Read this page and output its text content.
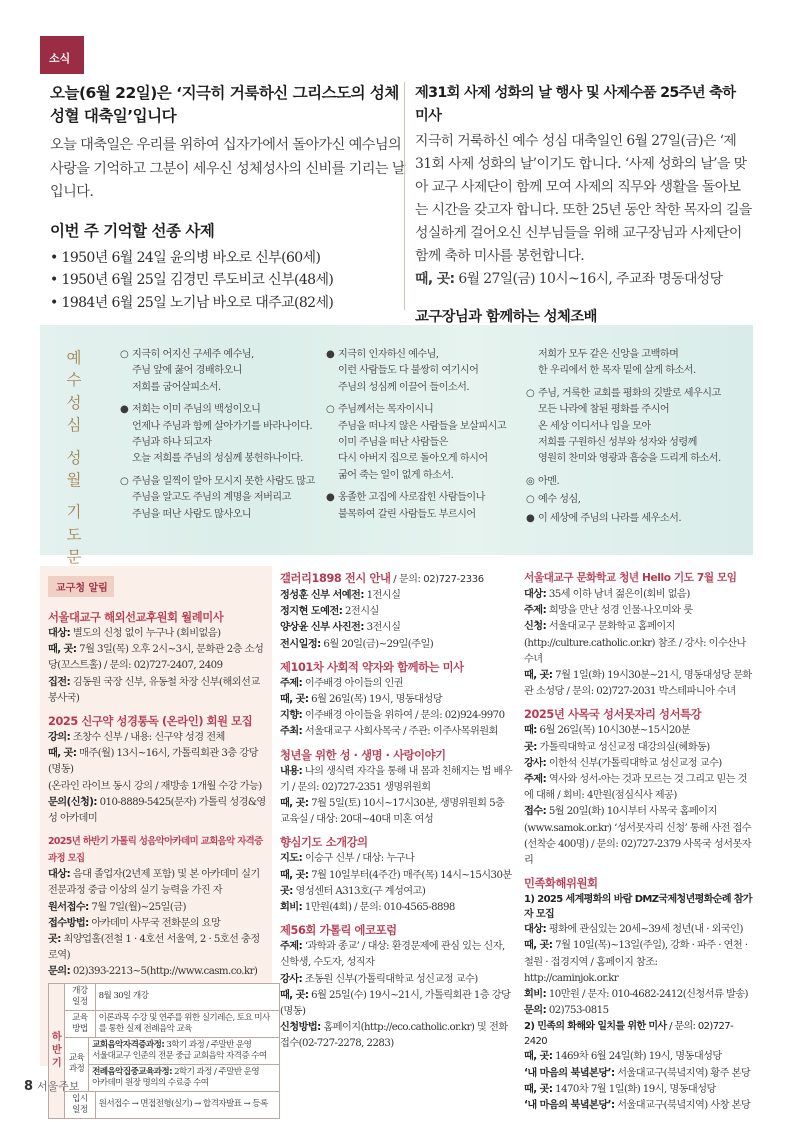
소식
오늘(6월 22일)은 ‘지극히 거룩하신 그리스도의 성체
성혈 대축일’입니다

오늘 대축일은 우리를 위하여 십자가에서 돌아가신 예수님의 사랑을 기억하고 그분이 세우신 성체성사의 신비를 기리는 날입니다.

이번 주 기억할 선종 사제
• 1950년 6월 24일 윤의병 바오로 신부(60세)
• 1950년 6월 25일 김경민 루도비코 신부(48세)
• 1984년 6월 25일 노기남 바오로 대주교(82세)
제31회 사제 성화의 날 행사 및 사제수품 25주년 축하 미사

지극히 거룩하신 예수 성심 대축일인 6월 27일(금)은 ‘제31회 사제 성화의 날’이기도 합니다. ‘사제 성화의 날’을 맞아 교구 사제단이 함께 모여 사제의 직무와 생활을 돌아보는 시간을 갖고자 합니다. 또한 25년 동안 착한 목자의 길을 성실하게 걸어오신 신부님들을 위해 교구장님과 사제단이 함께 축하 미사를 봉헌합니다.

때, 곳: 6월 27일(금) 10시~16시, 주교좌 명동대성당

교구장님과 함께하는 성체조배

예
수
성
심
성
월
기
도
문
○ 지극히 어지신 구세주 예수님,
주님 앞에 꿇어 경배하오니
저희를 굽어살피소서.
● 저희는 이미 주님의 백성이오니
언제나 주님과 함께 살아가기를 바라나이다.
주님과 하나 되고자
오늘 저희를 주님의 성심께 봉헌하나이다.
○ 주님을 일찍이 알아 모시지 못한 사람도 많고
주님을 알고도 주님의 계명을 저버리고
주님을 떠난 사람도 많사오니
● 지극히 인자하신 예수님,
이런 사람들도 다 불쌍히 여기시어
주님의 성심께 이끌어 들이소서.
○ 주님께서는 목자이시니
주님을 떠나지 않은 사람들을 보살피시고
이미 주님을 떠난 사람들은
다시 아버지 집으로 돌아오게 하시어
굶어 죽는 일이 없게 하소서.
● 옹졸한 고집에 사로잡힌 사람들이나
불목하여 갈린 사람들도 부르시어
저희가 모두 같은 신앙을 고백하며
한 우리에서 한 목자 밑에 살게 하소서.
○ 주님, 거룩한 교회를 평화의 깃발로 세우시고
모든 나라에 참된 평화를 주시어
온 세상 이디서나 입을 모아
저희를 구원하신 성부와 성자와 성령께
영원히 찬미와 영광과 흠숭을 드리게 하소서.
◎ 아멘.
○ 예수 성심,
● 이 세상에 주님의 나라를 세우소서.
교구청 알림
서울대교구 해외선교후원회 월례미사
대상: 별도의 신청 없이 누구나 (회비없음)
때, 곳: 7월 3일(목) 오후 2시~3시, 문화관 2층 소성당(꼬스트홀) / 문의: 02)727-2407, 2409
집전: 김동원 국장 신부, 유동철 차장 신부(해외선교봉사국)
2025 신구약 성경통독 (온라인) 회원 모집
강의: 조창수 신부 / 내용: 신구약 성경 전체
때, 곳: 매주(월) 13시~16시, 가톨릭회관 3층 강당(명동)
(온라인 라이브 동시 강의 / 재방송 1개월 수강 가능)
문의(신청): 010-8889-5425(문자) 가톨릭 성경&영성 아카데미
2025년 하반기 가톨릭 성음악아카데미 교회음악 자격증 과정 모집
대상: 음대 졸업자(2년제 포함) 및 본 아카데미 실기전문과정 중급 이상의 실기 능력을 가진 자
원서접수: 7월 7일(월)~25일(금)
접수방법: 아카데미 사무국 전화문의 요망
곳: 최양업홀(전철 1 · 4호선 서울역, 2 · 5호선 충정로역)
문의: 02)393-2213~5(http://www.casm.co.kr)
하
반
기	개강 일정		8월 30일 개강
	교육 방법		이론과목 수강 및 연주를 위한 실기레슨, 토요 미사를 통한 실제 전례음악 교육
	교육 과정	교회음악자격증과정: 3학기 과정 / 주말반 운영
서울대교구 인준의 전문 중급 교회음악 자격증 수여	
		전례음악집중교육과정: 2학기 과정 / 주말반 운영
아카데미 원장 명의의 수료증 수여	
	입시 일정		원서접수 → 면접전형(실기) → 합격자발표 → 등록
갤러리1898 전시 안내 / 문의: 02)727-2336
정성훈 신부 서예전: 1전시실
정지현 도예전: 2전시실
양상윤 신부 사진전: 3전시실
전시일정: 6월 20일(금)~29일(주일)
제101차 사회적 약자와 함께하는 미사
주제: 이주배경 아이들의 인권
때, 곳: 6월 26일(목) 19시, 명동대성당
지향: 이주배경 아이들을 위하여 / 문의: 02)924-9970
주최: 서울대교구 사회사목국 / 주관: 이주사목위원회
청년을 위한 성 · 생명 · 사랑이야기
내용: 나의 생식력 자각을 통해 내 몸과 친해지는 법 배우기 / 문의: 02)727-2351 생명위원회
때, 곳: 7월 5일(토) 10시~17시30분, 생명위원회 5층 교육실 / 대상: 20대~40대 미혼 여성
향심기도 소개강의
지도: 이승구 신부 / 대상: 누구나
때, 곳: 7월 10일부터(4주간) 매주(목) 14시~15시30분
곳: 영성센터 A313호(구 계성여고)
회비: 1만원(4회) / 문의: 010-4565-8898
제56회 가톨릭 에코포럼
주제: ‘과학과 종교’ / 대상: 환경문제에 관심 있는 신자, 신학생, 수도자, 성직자
강사: 조동원 신부(가톨릭대학교 성신교정 교수)
때, 곳: 6월 25일(수) 19시~21시, 가톨릭회관 1층 강당(명동)
신청방법: 홈페이지(http://eco.catholic.or.kr) 및 전화접수(02-727-2278, 2283)
서울대교구 문화학교 청년 Hello 기도 7월 모임
대상: 35세 이하 남녀 젊은이(회비 없음)
주제: 희망을 만난 성경 인물-나오미와 룻
신청: 서울대교구 문화학교 홈페이지(http://culture.catholic.or.kr) 참조 / 강사: 이수산나 수녀
때, 곳: 7월 1일(화) 19시30분~21시, 명동대성당 문화관 소성당 / 문의: 02)727-2031 박스테파니아 수녀
2025년 사목국 성서못자리 성서특강
때: 6월 26일(목) 10시30분~15시20분
곳: 가톨릭대학교 성신교정 대강의실(혜화동)
강사: 이한석 신부(가톨릭대학교 성신교정 교수)
주제: 역사와 성서-아는 것과 모르는 것 그리고 믿는 것에 대해 / 회비: 4만원(점심식사 제공)
접수: 5월 20일(화) 10시부터 사목국 홈페이지(www.samok.or.kr) ‘성서못자리 신청’ 통해 사전 접수(선착순 400명) / 문의: 02)727-2379 사목국 성서못자리
민족화해위원회
1) 2025 세계평화의 바람 DMZ국제청년평화순례 참가자 모집
대상: 평화에 관심있는 20세~39세 청년(내 · 외국인)
때, 곳: 7월 10일(목)~13일(주일), 강화 · 파주 · 연천 · 철원 · 접경지역 / 홈페이지 참조: http://caminjok.or.kr
회비: 10만원 / 문자: 010-4682-2412(신청서류 발송)
문의: 02)753-0815
2) 민족의 화해와 일치를 위한 미사 / 문의: 02)727-2420
때, 곳: 1469차 6월 24일(화) 19시, 명동대성당
‘내 마음의 북녘본당’: 서울대교구(북녘지역) 황주 본당
때, 곳: 1470차 7월 1일(화) 19시, 명동대성당
‘내 마음의 북녘본당’: 서울대교구(북녘지역) 사창 본당
8 서울주보
